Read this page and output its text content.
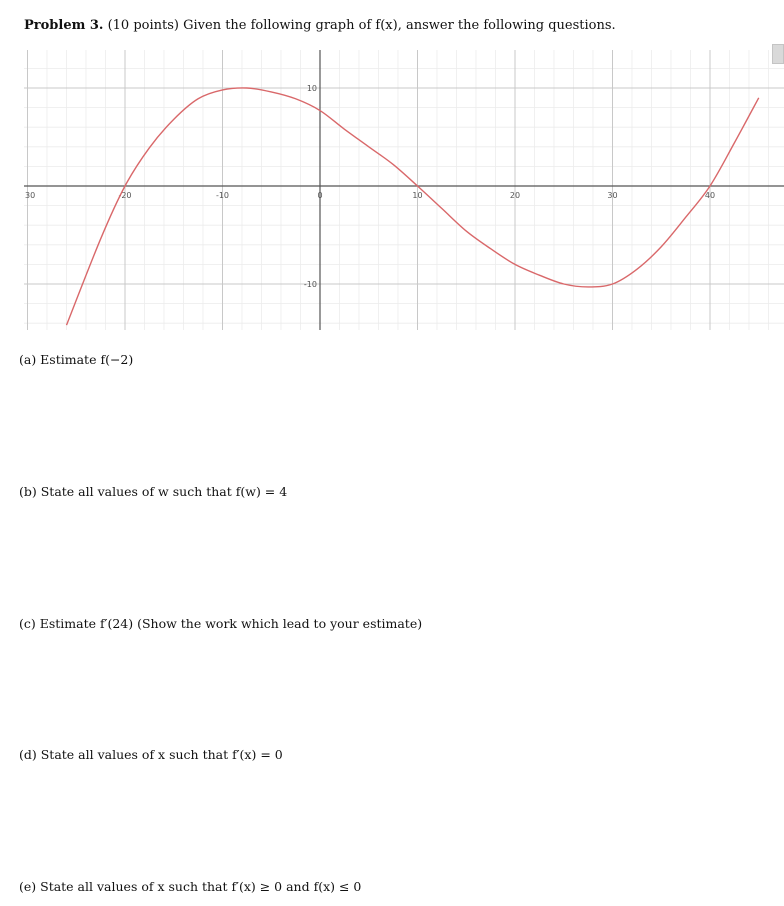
Problem 3. (10 points) Given the following graph of f(x), answer the following questions.
30	-20	-10	0	10	20	30	40
10
-10
(a) Estimate f(−2)
(b) State all values of w such that f(w) = 4
(c) Estimate f′(24) (Show the work which lead to your estimate)
(d) State all values of x such that f′(x) = 0
(e) State all values of x such that f′(x) ≥ 0 and f(x) ≤ 0
